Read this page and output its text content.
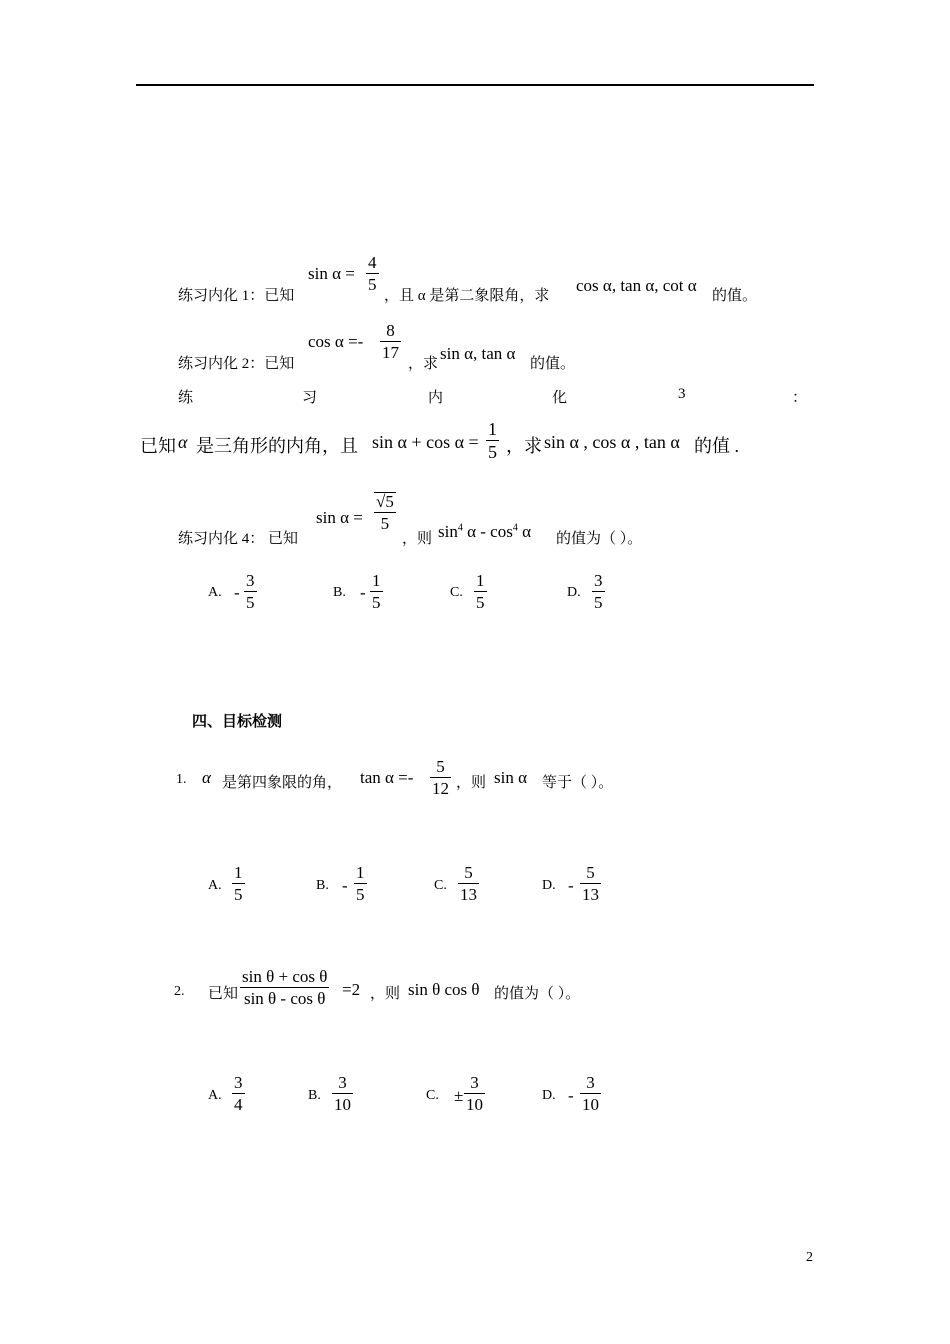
练习内化 1：已知
$\sin \alpha = \frac{4}{5}$
，且 α 是第二象限角，求
cos α, tan α, cot α
的值。
练习内化 2：已知
$\cos \alpha =- \frac{8}{17}$
，求
sin α, tan α
的值。
练	习	内	化	3	：
已知 α 是三角形的内角，且 $\sin \alpha + \cos \alpha = \frac{1}{5}$ ，求 sin α , cos α , tan α 的值 .
练习内化 4： 已知
$\sin \alpha = \frac{√5}{5}$
，则 $\sin^4 \alpha - \cos^4 \alpha$ 的值为（ ）。
A. - $\frac{3}{5}$	B. - $\frac{1}{5}$	C. $\frac{1}{5}$	D. $\frac{3}{5}$
四、目标检测
1. α 是第四象限的角， $\tan \alpha =- \frac{5}{12}$ ，则 sin α 等于（ ）。
A. $\frac{1}{5}$	B. - $\frac{1}{5}$	C. $\frac{5}{13}$	D. - $\frac{5}{13}$
2. 已知 $\frac{\text{sin θ + cos θ}}{\text{sin θ - cos θ}} =2$ ，则 sin θ cos θ 的值为（ ）。
A. $\frac{3}{4}$	B. $\frac{3}{10}$	C. ± $\frac{3}{10}$	D. - $\frac{3}{10}$
2
